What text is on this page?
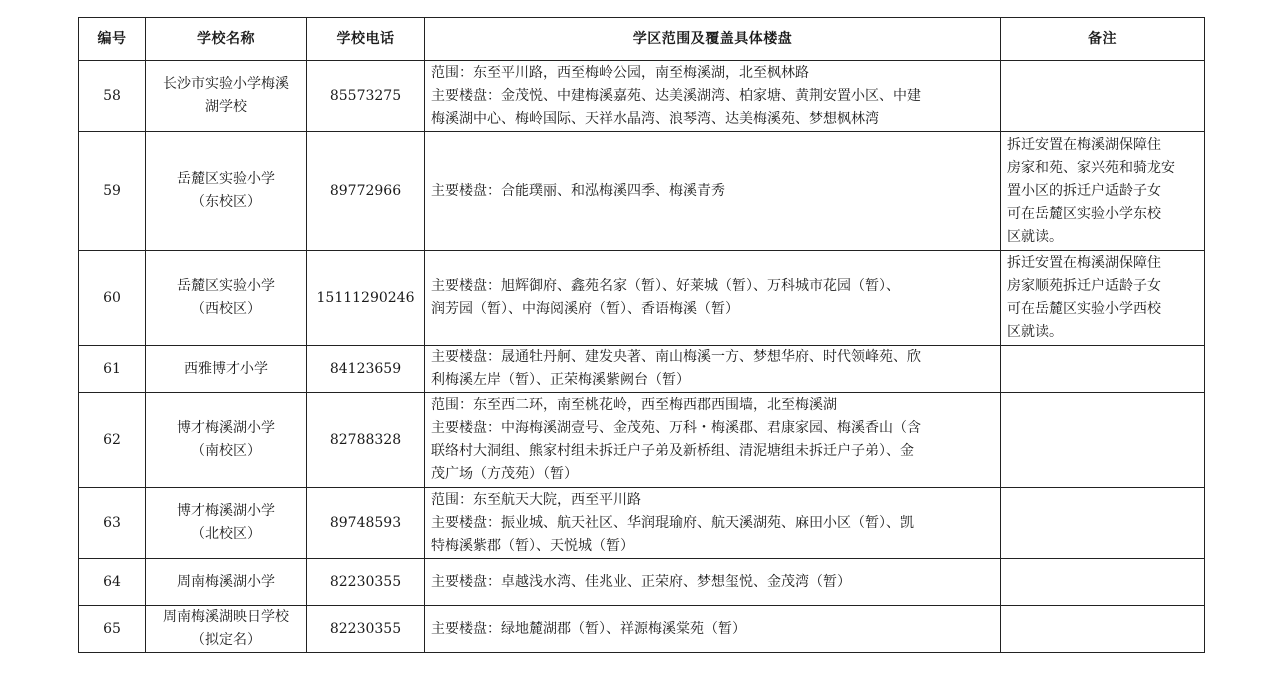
编号	学校名称	学校电话	学区范围及覆盖具体楼盘	备注
58	长沙市实验小学梅溪
湖学校	85573275	范围：东至平川路，西至梅岭公园，南至梅溪湖，北至枫林路
主要楼盘：金茂悦、中建梅溪嘉苑、达美溪湖湾、柏家塘、黄荆安置小区、中建
梅溪湖中心、梅岭国际、天祥水晶湾、浪琴湾、达美梅溪苑、梦想枫林湾	

59	岳麓区实验小学
（东校区）	89772966	主要楼盘：合能璞丽、和泓梅溪四季、梅溪青秀	拆迁安置在梅溪湖保障住
房家和苑、家兴苑和骑龙安
置小区的拆迁户适龄子女
可在岳麓区实验小学东校
区就读。

60	岳麓区实验小学
（西校区）	15111290246	主要楼盘：旭辉御府、鑫苑名家（暂）、好莱城（暂）、万科城市花园（暂）、
润芳园（暂）、中海阅溪府（暂）、香语梅溪（暂）	拆迁安置在梅溪湖保障住
房家顺苑拆迁户适龄子女
可在岳麓区实验小学西校
区就读。

61	西雅博才小学	84123659	主要楼盘：晟通牡丹舸、建发央著、南山梅溪一方、梦想华府、时代领峰苑、欣
利梅溪左岸（暂）、正荣梅溪紫阙台（暂）	

62	博才梅溪湖小学
（南校区）	82788328	范围：东至西二环，南至桃花岭，西至梅西郡西围墙，北至梅溪湖
主要楼盘：中海梅溪湖壹号、金茂苑、万科・梅溪郡、君康家园、梅溪香山（含
联络村大洞组、熊家村组未拆迁户子弟及新桥组、清泥塘组未拆迁户子弟）、金
茂广场（方茂苑）（暂）	

63	博才梅溪湖小学
（北校区）	89748593	范围：东至航天大院，西至平川路
主要楼盘：振业城、航天社区、华润琨瑜府、航天溪湖苑、麻田小区（暂）、凯
特梅溪紫郡（暂）、天悦城（暂）	

64	周南梅溪湖小学	82230355	主要楼盘：卓越浅水湾、佳兆业、正荣府、梦想玺悦、金茂湾（暂）	

65	周南梅溪湖映日学校
（拟定名）	82230355	主要楼盘：绿地麓湖郡（暂）、祥源梅溪棠苑（暂）	
